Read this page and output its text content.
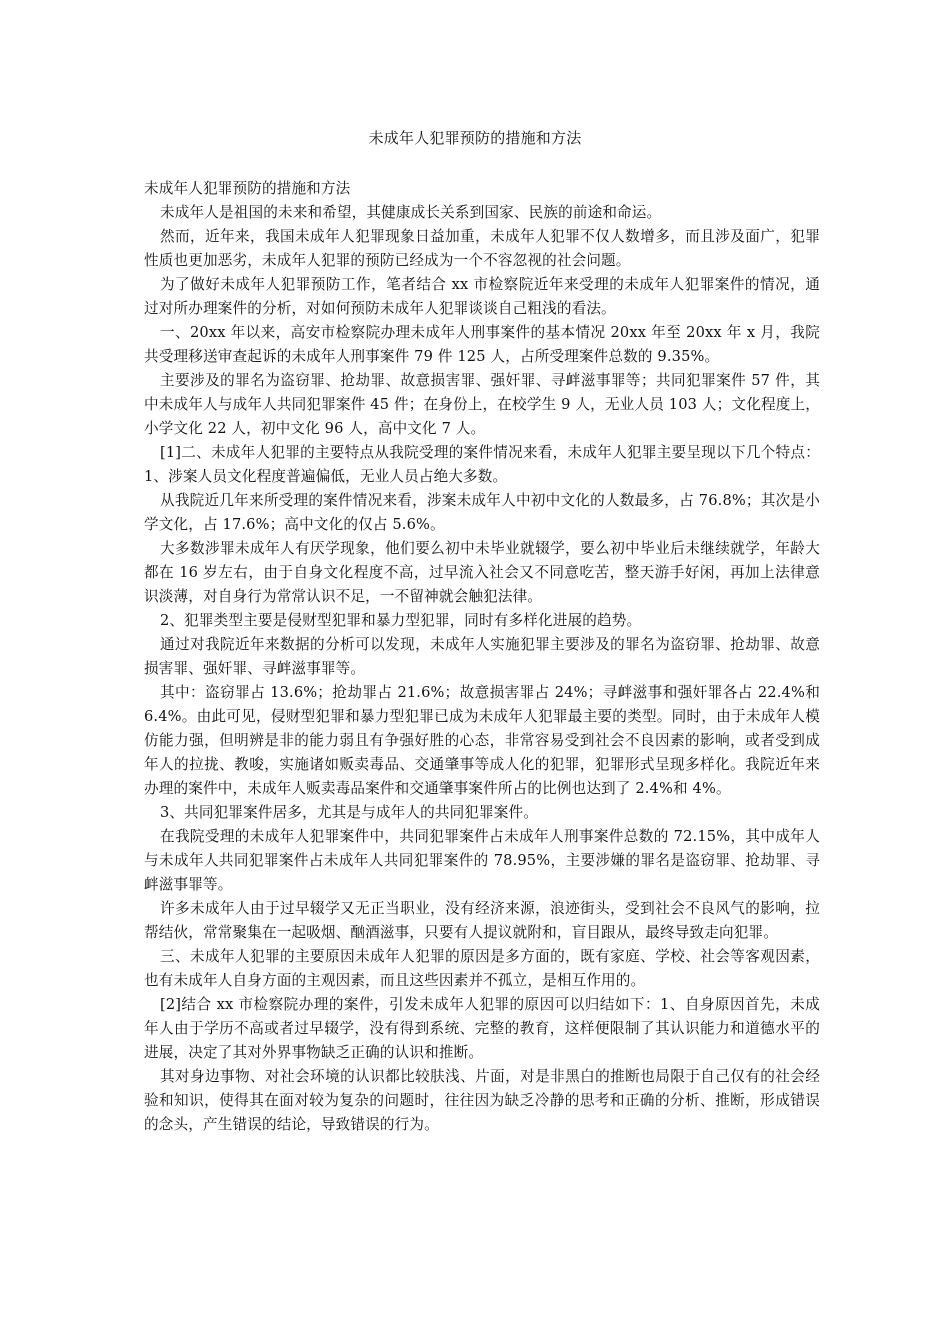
未成年人犯罪预防的措施和方法

未成年人犯罪预防的措施和方法

未成年人是祖国的未来和希望，其健康成长关系到国家、民族的前途和命运。

然而，近年来，我国未成年人犯罪现象日益加重，未成年人犯罪不仅人数增多，而且涉及面广，犯罪性质也更加恶劣，未成年人犯罪的预防已经成为一个不容忽视的社会问题。

为了做好未成年人犯罪预防工作，笔者结合 xx 市检察院近年来受理的未成年人犯罪案件的情况，通过对所办理案件的分析，对如何预防未成年人犯罪谈谈自己粗浅的看法。

一、20xx 年以来，高安市检察院办理未成年人刑事案件的基本情况 20xx 年至 20xx 年 x 月，我院共受理移送审查起诉的未成年人刑事案件 79 件 125 人，占所受理案件总数的 9.35%。

主要涉及的罪名为盗窃罪、抢劫罪、故意损害罪、强奸罪、寻衅滋事罪等；共同犯罪案件 57 件，其中未成年人与成年人共同犯罪案件 45 件；在身份上，在校学生 9 人，无业人员 103 人；文化程度上，小学文化 22 人，初中文化 96 人，高中文化 7 人。

[1]二、未成年人犯罪的主要特点从我院受理的案件情况来看，未成年人犯罪主要呈现以下几个特点：1、涉案人员文化程度普遍偏低，无业人员占绝大多数。

从我院近几年来所受理的案件情况来看，涉案未成年人中初中文化的人数最多，占 76.8%；其次是小学文化，占 17.6%；高中文化的仅占 5.6%。

大多数涉罪未成年人有厌学现象，他们要么初中未毕业就辍学，要么初中毕业后未继续就学，年龄大都在 16 岁左右，由于自身文化程度不高，过早流入社会又不同意吃苦，整天游手好闲，再加上法律意识淡薄，对自身行为常常认识不足，一不留神就会触犯法律。

2、犯罪类型主要是侵财型犯罪和暴力型犯罪，同时有多样化进展的趋势。

通过对我院近年来数据的分析可以发现，未成年人实施犯罪主要涉及的罪名为盗窃罪、抢劫罪、故意损害罪、强奸罪、寻衅滋事罪等。

其中：盗窃罪占 13.6%；抢劫罪占 21.6%；故意损害罪占 24%；寻衅滋事和强奸罪各占 22.4%和 6.4%。由此可见，侵财型犯罪和暴力型犯罪已成为未成年人犯罪最主要的类型。同时，由于未成年人模仿能力强，但明辨是非的能力弱且有争强好胜的心态，非常容易受到社会不良因素的影响，或者受到成年人的拉拢、教唆，实施诸如贩卖毒品、交通肇事等成人化的犯罪，犯罪形式呈现多样化。我院近年来办理的案件中，未成年人贩卖毒品案件和交通肇事案件所占的比例也达到了 2.4%和 4%。

3、共同犯罪案件居多，尤其是与成年人的共同犯罪案件。

在我院受理的未成年人犯罪案件中，共同犯罪案件占未成年人刑事案件总数的 72.15%，其中成年人与未成年人共同犯罪案件占未成年人共同犯罪案件的 78.95%，主要涉嫌的罪名是盗窃罪、抢劫罪、寻衅滋事罪等。

许多未成年人由于过早辍学又无正当职业，没有经济来源，浪迹街头，受到社会不良风气的影响，拉帮结伙，常常聚集在一起吸烟、酗酒滋事，只要有人提议就附和，盲目跟从，最终导致走向犯罪。

三、未成年人犯罪的主要原因未成年人犯罪的原因是多方面的，既有家庭、学校、社会等客观因素，也有未成年人自身方面的主观因素，而且这些因素并不孤立，是相互作用的。

[2]结合 xx 市检察院办理的案件，引发未成年人犯罪的原因可以归结如下：1、自身原因首先，未成年人由于学历不高或者过早辍学，没有得到系统、完整的教育，这样便限制了其认识能力和道德水平的进展，决定了其对外界事物缺乏正确的认识和推断。

其对身边事物、对社会环境的认识都比较肤浅、片面，对是非黑白的推断也局限于自己仅有的社会经验和知识，使得其在面对较为复杂的问题时，往往因为缺乏冷静的思考和正确的分析、推断，形成错误的念头，产生错误的结论，导致错误的行为。
